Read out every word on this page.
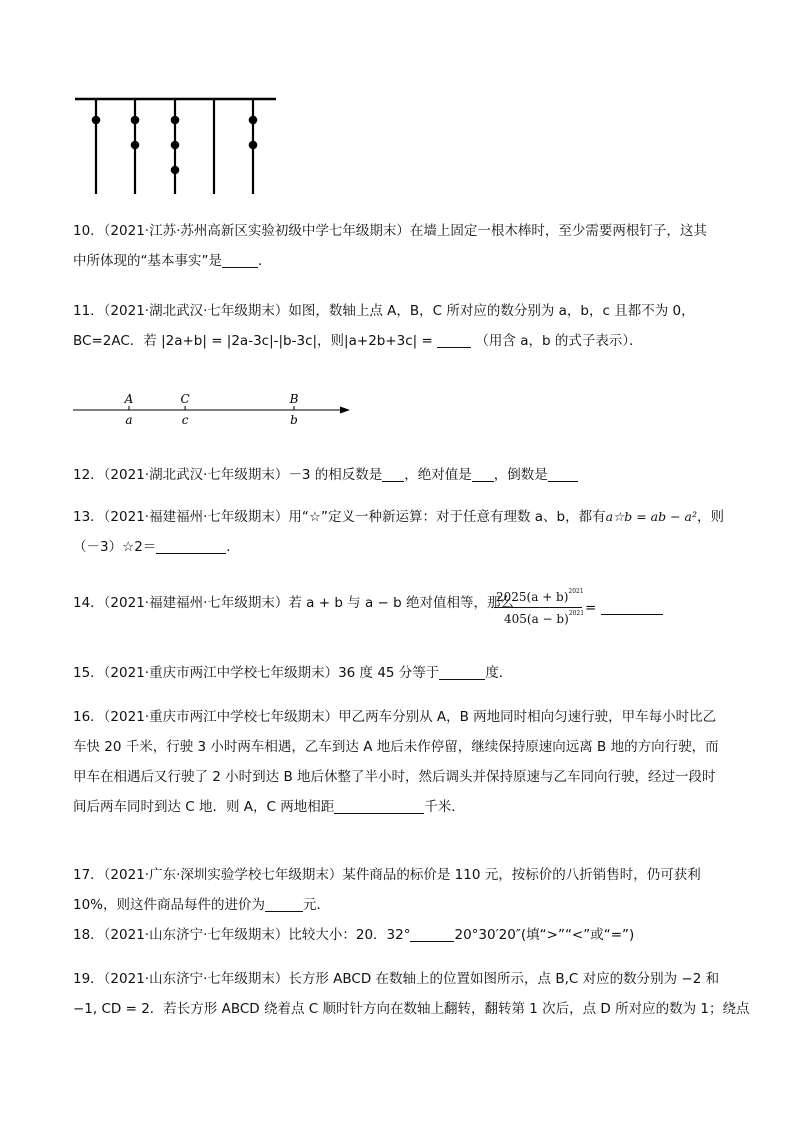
10．（2021·江苏·苏州高新区实验初级中学七年级期末）在墙上固定一根木棒时，至少需要两根钉子，这其
中所体现的“基本事实”是	．
11．（2021·湖北武汉·七年级期末）如图，数轴上点 A，B，C 所对应的数分别为 a，b，c 且都不为 0，
BC=2AC．若 |2a+b| = |2a-3c|-|b-3c|，则|a+2b+3c| =	（用含 a，b 的式子表示）．
A
a
C
c
B
b
12．（2021·湖北武汉·七年级期末）－3 的相反数是 ，绝对值是 ，倒数是
13．（2021·福建福州·七年级期末）用“☆”定义一种新运算：对于任意有理数 a、b，都有a☆b = ab − a²，则
（－3）☆2＝	．
14．（2021·福建福州·七年级期末）若 a + b 与 a − b 绝对值相等，那么
$2025(a + b)^{2021}$
$405(a - b)^{2021}$ =
15．（2021·重庆市两江中学校七年级期末）36 度 45 分等于	度．
16．（2021·重庆市两江中学校七年级期末）甲乙两车分别从 A，B 两地同时相向匀速行驶，甲车每小时比乙
车快 20 千米，行驶 3 小时两车相遇，乙车到达 A 地后未作停留，继续保持原速向远离 B 地的方向行驶，而
甲车在相遇后又行驶了 2 小时到达 B 地后休整了半小时，然后调头并保持原速与乙车同向行驶，经过一段时
间后两车同时到达 C 地．则 A，C 两地相距	千米．
17．（2021·广东·深圳实验学校七年级期末）某件商品的标价是 110 元，按标价的八折销售时，仍可获利
10%，则这件商品每件的进价为	元．
18．（2021·山东济宁·七年级期末）比较大小：20．32°	20°30′20″(填“>”“<”或“=”)
19．（2021·山东济宁·七年级期末）长方形 ABCD 在数轴上的位置如图所示，点 B,C 对应的数分别为 −2 和
−1, CD = 2．若长方形 ABCD 绕着点 C 顺时针方向在数轴上翻转，翻转第 1 次后，点 D 所对应的数为 1；绕点
